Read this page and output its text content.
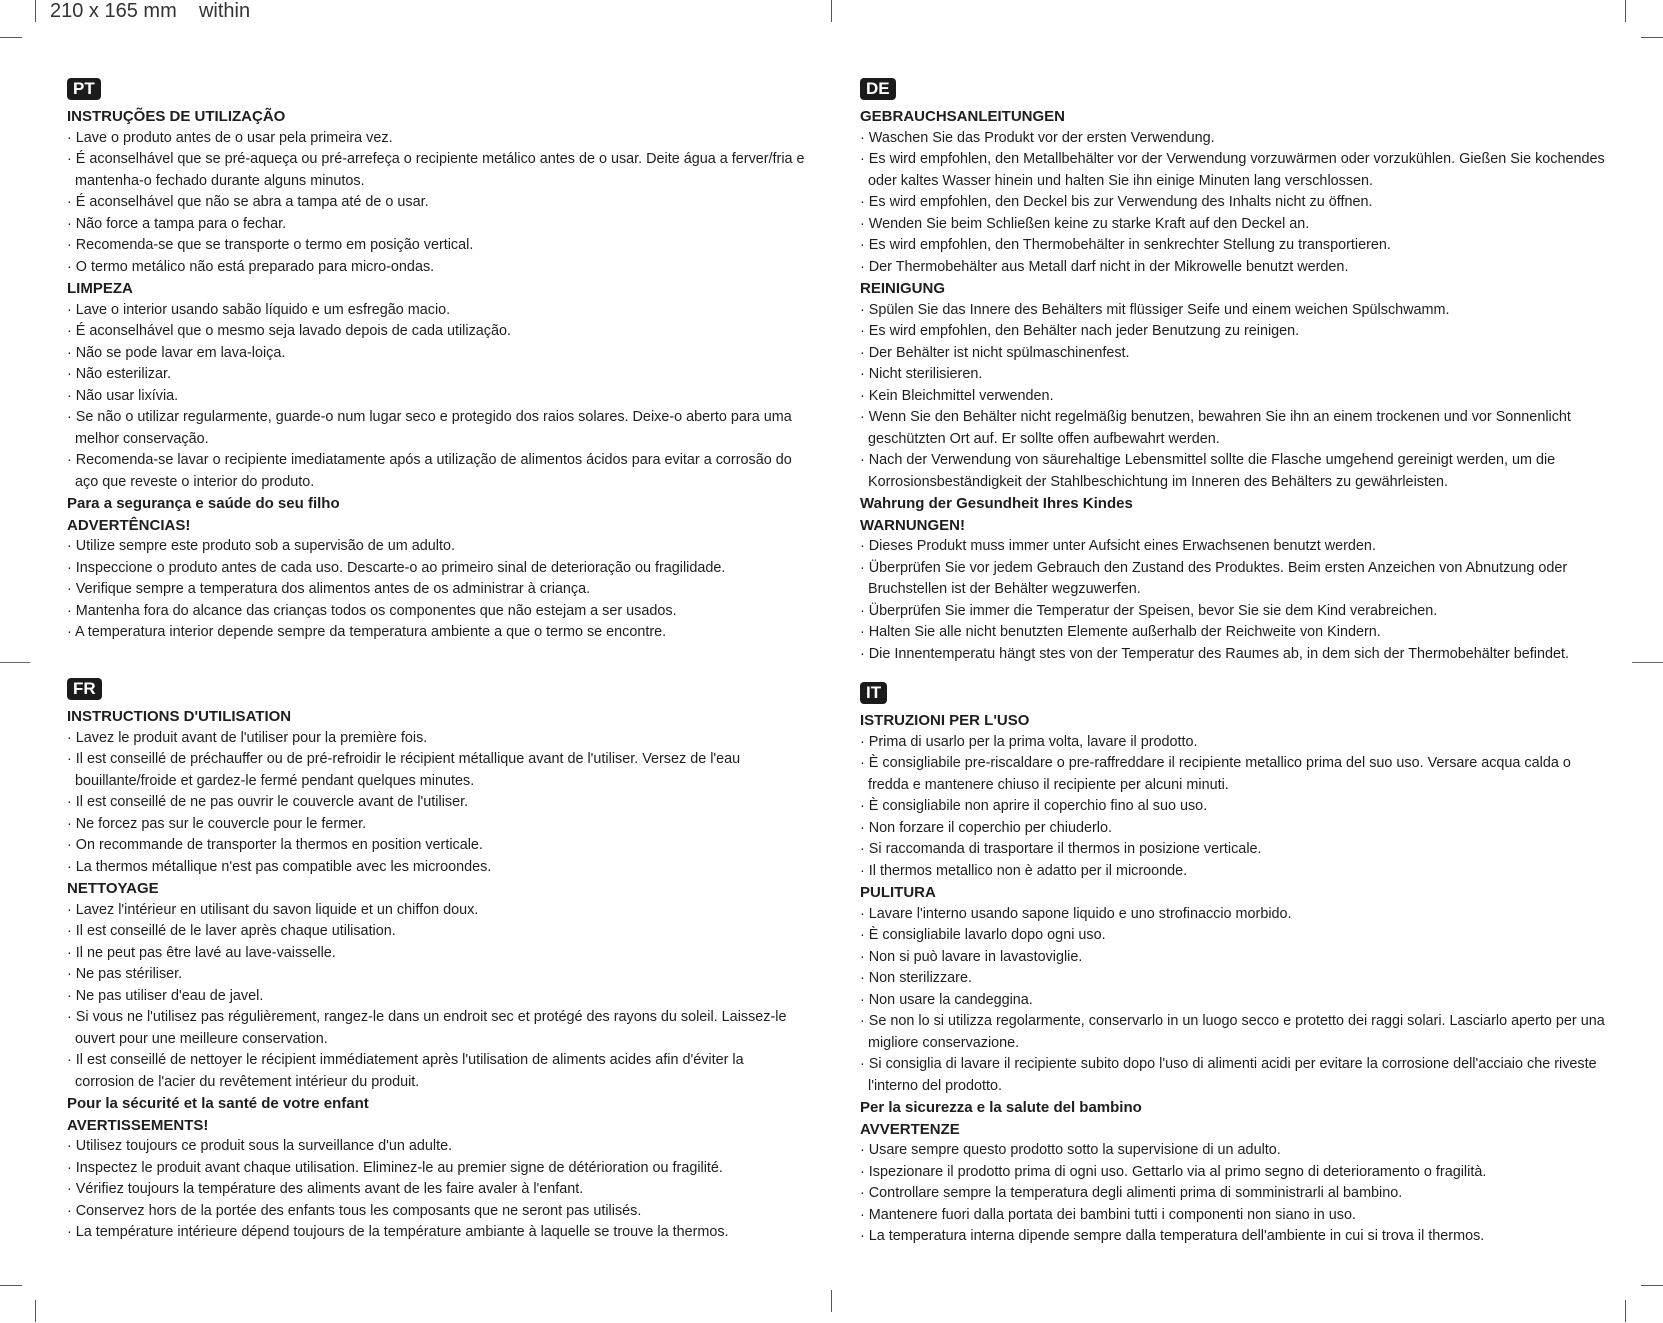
210 x 165 mm    within
PT
INSTRUÇÕES DE UTILIZAÇÃO
· Lave o produto antes de o usar pela primeira vez.
· É aconselhável que se pré-aqueça ou pré-arrefeça o recipiente metálico antes de o usar. Deite água a ferver/fria e mantenha-o fechado durante alguns minutos.
· É aconselhável que não se abra a tampa até de o usar.
· Não force a tampa para o fechar.
· Recomenda-se que se transporte o termo em posição vertical.
· O termo metálico não está preparado para micro-ondas.
LIMPEZA
· Lave o interior usando sabão líquido e um esfregão macio.
· É aconselhável que o mesmo seja lavado depois de cada utilização.
· Não se pode lavar em lava-loiça.
· Não esterilizar.
· Não usar lixívia.
· Se não o utilizar regularmente, guarde-o num lugar seco e protegido dos raios solares. Deixe-o aberto para uma melhor conservação.
· Recomenda-se lavar o recipiente imediatamente após a utilização de alimentos ácidos para evitar a corrosão do aço que reveste o interior do produto.
Para a segurança e saúde do seu filho
ADVERTÊNCIAS!
· Utilize sempre este produto sob a supervisão de um adulto.
· Inspeccione o produto antes de cada uso. Descarte-o ao primeiro sinal de deterioração ou fragilidade.
· Verifique sempre a temperatura dos alimentos antes de os administrar à criança.
· Mantenha fora do alcance das crianças todos os componentes que não estejam a ser usados.
· A temperatura interior depende sempre da temperatura ambiente a que o termo se encontre.
DE
GEBRAUCHSANLEITUNGEN
· Waschen Sie das Produkt vor der ersten Verwendung.
· Es wird empfohlen, den Metallbehälter vor der Verwendung vorzuwärmen oder vorzukühlen. Gießen Sie kochendes oder kaltes Wasser hinein und halten Sie ihn einige Minuten lang verschlossen.
· Es wird empfohlen, den Deckel bis zur Verwendung des Inhalts nicht zu öffnen.
· Wenden Sie beim Schließen keine zu starke Kraft auf den Deckel an.
· Es wird empfohlen, den Thermobehälter in senkrechter Stellung zu transportieren.
· Der Thermobehälter aus Metall darf nicht in der Mikrowelle benutzt werden.
REINIGUNG
· Spülen Sie das Innere des Behälters mit flüssiger Seife und einem weichen Spülschwamm.
· Es wird empfohlen, den Behälter nach jeder Benutzung zu reinigen.
· Der Behälter ist nicht spülmaschinenfest.
· Nicht sterilisieren.
· Kein Bleichmittel verwenden.
· Wenn Sie den Behälter nicht regelmäßig benutzen, bewahren Sie ihn an einem trockenen und vor Sonnenlicht geschützten Ort auf. Er sollte offen aufbewahrt werden.
· Nach der Verwendung von säurehaltige Lebensmittel sollte die Flasche umgehend gereinigt werden, um die Korrosionsbeständigkeit der Stahlbeschichtung im Inneren des Behälters zu gewährleisten.
Wahrung der Gesundheit Ihres Kindes
WARNUNGEN!
· Dieses Produkt muss immer unter Aufsicht eines Erwachsenen benutzt werden.
· Überprüfen Sie vor jedem Gebrauch den Zustand des Produktes. Beim ersten Anzeichen von Abnutzung oder Bruchstellen ist der Behälter wegzuwerfen.
· Überprüfen Sie immer die Temperatur der Speisen, bevor Sie sie dem Kind verabreichen.
· Halten Sie alle nicht benutzten Elemente außerhalb der Reichweite von Kindern.
· Die Innentemperatu hängt stes von der Temperatur des Raumes ab, in dem sich der Thermobehälter befindet.
FR
INSTRUCTIONS D'UTILISATION
· Lavez le produit avant de l'utiliser pour la première fois.
· Il est conseillé de préchauffer ou de pré-refroidir le récipient métallique avant de l'utiliser. Versez de l'eau bouillante/froide et gardez-le fermé pendant quelques minutes.
· Il est conseillé de ne pas ouvrir le couvercle avant de l'utiliser.
· Ne forcez pas sur le couvercle pour le fermer.
· On recommande de transporter la thermos en position verticale.
· La thermos métallique n'est pas compatible avec les microondes.
NETTOYAGE
· Lavez l'intérieur en utilisant du savon liquide et un chiffon doux.
· Il est conseillé de le laver après chaque utilisation.
· Il ne peut pas être lavé au lave-vaisselle.
· Ne pas stériliser.
· Ne pas utiliser d'eau de javel.
· Si vous ne l'utilisez pas régulièrement, rangez-le dans un endroit sec et protégé des rayons du soleil. Laissez-le ouvert pour une meilleure conservation.
· Il est conseillé de nettoyer le récipient immédiatement après l'utilisation de aliments acides afin d'éviter la corrosion de l'acier du revêtement intérieur du produit.
Pour la sécurité et la santé de votre enfant
AVERTISSEMENTS!
· Utilisez toujours ce produit sous la surveillance d'un adulte.
· Inspectez le produit avant chaque utilisation. Eliminez-le au premier signe de détérioration ou fragilité.
· Vérifiez toujours la température des aliments avant de les faire avaler à l'enfant.
· Conservez hors de la portée des enfants tous les composants que ne seront pas utilisés.
· La température intérieure dépend toujours de la température ambiante à laquelle se trouve la thermos.
IT
ISTRUZIONI PER L'USO
· Prima di usarlo per la prima volta, lavare il prodotto.
· È consigliabile pre-riscaldare o pre-raffreddare il recipiente metallico prima del suo uso. Versare acqua calda o fredda e mantenere chiuso il recipiente per alcuni minuti.
· È consigliabile non aprire il coperchio fino al suo uso.
· Non forzare il coperchio per chiuderlo.
· Si raccomanda di trasportare il thermos in posizione verticale.
· Il thermos metallico non è adatto per il microonde.
PULITURA
· Lavare l'interno usando sapone liquido e uno strofinaccio morbido.
· È consigliabile lavarlo dopo ogni uso.
· Non si può lavare in lavastoviglie.
· Non sterilizzare.
· Non usare la candeggina.
· Se non lo si utilizza regolarmente, conservarlo in un luogo secco e protetto dei raggi solari. Lasciarlo aperto per una migliore conservazione.
· Si consiglia di lavare il recipiente subito dopo l'uso di alimenti acidi per evitare la corrosione dell'acciaio che riveste l'interno del prodotto.
Per la sicurezza e la salute del bambino
AVVERTENZE
· Usare sempre questo prodotto sotto la supervisione di un adulto.
· Ispezionare il prodotto prima di ogni uso. Gettarlo via al primo segno di deterioramento o fragilità.
· Controllare sempre la temperatura degli alimenti prima di somministrarli al bambino.
· Mantenere fuori dalla portata dei bambini tutti i componenti non siano in uso.
· La temperatura interna dipende sempre dalla temperatura dell'ambiente in cui si trova il thermos.
